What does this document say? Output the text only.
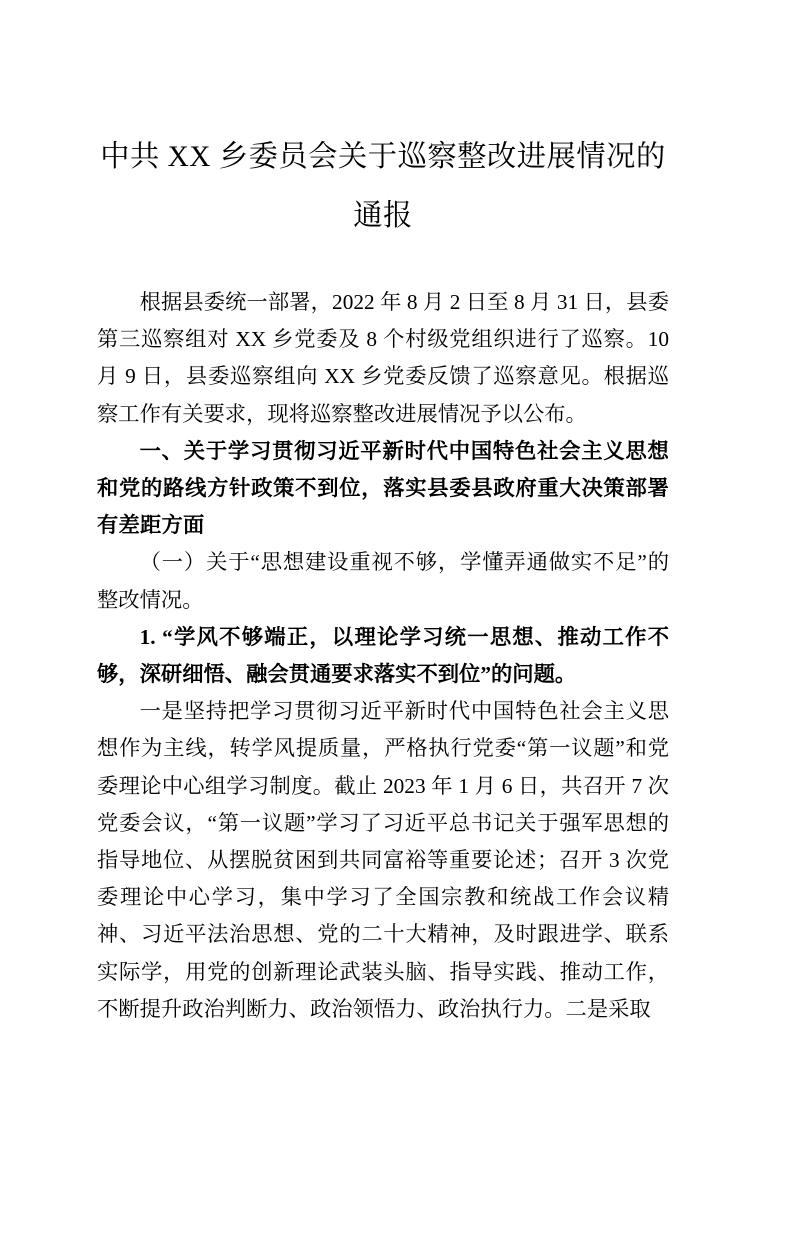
中共 XX 乡委员会关于巡察整改进展情况的通报

根据县委统一部署，2022 年 8 月 2 日至 8 月 31 日，县委第三巡察组对 XX 乡党委及 8 个村级党组织进行了巡察。10 月 9 日，县委巡察组向 XX 乡党委反馈了巡察意见。根据巡察工作有关要求，现将巡察整改进展情况予以公布。

一、关于学习贯彻习近平新时代中国特色社会主义思想和党的路线方针政策不到位，落实县委县政府重大决策部署有差距方面

（一）关于“思想建设重视不够，学懂弄通做实不足”的整改情况。

1. “学风不够端正，以理论学习统一思想、推动工作不够，深研细悟、融会贯通要求落实不到位”的问题。

一是坚持把学习贯彻习近平新时代中国特色社会主义思想作为主线，转学风提质量，严格执行党委“第一议题”和党委理论中心组学习制度。截止 2023 年 1 月 6 日，共召开 7 次党委会议，“第一议题”学习了习近平总书记关于强军思想的指导地位、从摆脱贫困到共同富裕等重要论述；召开 3 次党委理论中心学习，集中学习了全国宗教和统战工作会议精神、习近平法治思想、党的二十大精神，及时跟进学、联系实际学，用党的创新理论武装头脑、指导实践、推动工作，不断提升政治判断力、政治领悟力、政治执行力。二是采取
